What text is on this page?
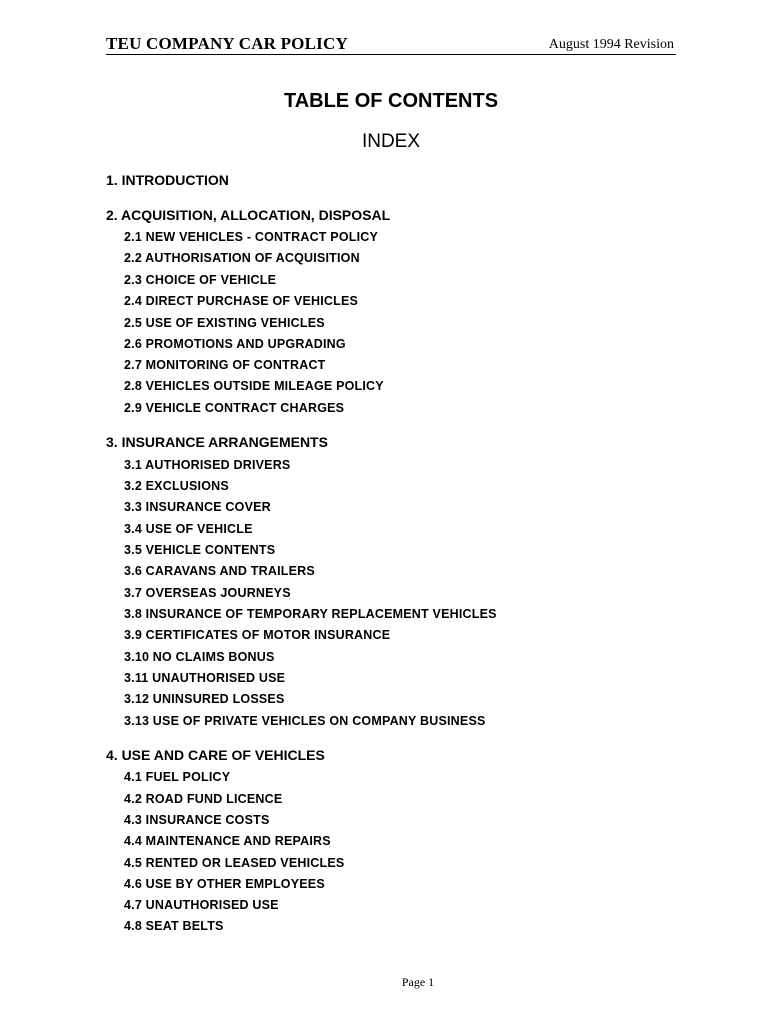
TEU COMPANY CAR POLICY	August 1994 Revision
TABLE OF CONTENTS
INDEX
1. INTRODUCTION
2. ACQUISITION, ALLOCATION, DISPOSAL
2.1 NEW VEHICLES - CONTRACT POLICY
2.2 AUTHORISATION OF ACQUISITION
2.3 CHOICE OF VEHICLE
2.4 DIRECT PURCHASE OF VEHICLES
2.5 USE OF EXISTING VEHICLES
2.6 PROMOTIONS AND UPGRADING
2.7 MONITORING OF CONTRACT
2.8 VEHICLES OUTSIDE MILEAGE POLICY
2.9 VEHICLE CONTRACT CHARGES
3. INSURANCE ARRANGEMENTS
3.1 AUTHORISED DRIVERS
3.2 EXCLUSIONS
3.3 INSURANCE COVER
3.4 USE OF VEHICLE
3.5 VEHICLE CONTENTS
3.6 CARAVANS AND TRAILERS
3.7 OVERSEAS JOURNEYS
3.8 INSURANCE OF TEMPORARY REPLACEMENT VEHICLES
3.9 CERTIFICATES OF MOTOR INSURANCE
3.10 NO CLAIMS BONUS
3.11 UNAUTHORISED USE
3.12 UNINSURED LOSSES
3.13 USE OF PRIVATE VEHICLES ON COMPANY BUSINESS
4. USE AND CARE OF VEHICLES
4.1 FUEL POLICY
4.2 ROAD FUND LICENCE
4.3 INSURANCE COSTS
4.4 MAINTENANCE AND REPAIRS
4.5 RENTED OR LEASED VEHICLES
4.6 USE BY OTHER EMPLOYEES
4.7 UNAUTHORISED USE
4.8 SEAT BELTS
Page 1
